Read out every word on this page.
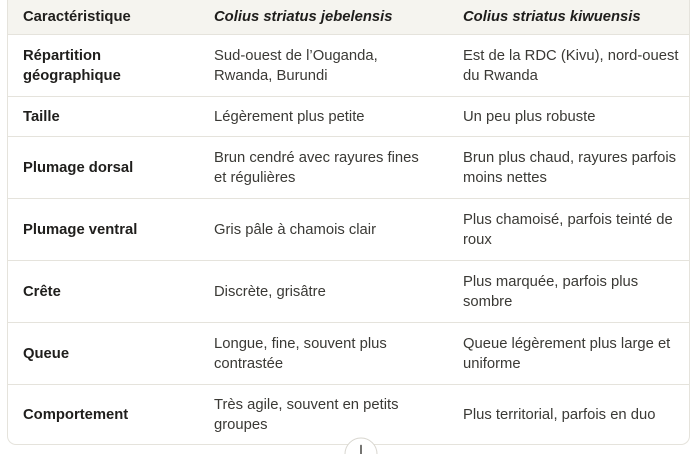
Caractéristique	Colius striatus jebelensis	Colius striatus kiwuensis
Répartition géographique	Sud-ouest de l’Ouganda, Rwanda, Burundi	Est de la RDC (Kivu), nord-ouest du Rwanda
Taille	Légèrement plus petite	Un peu plus robuste
Plumage dorsal	Brun cendré avec rayures fines et régulières	Brun plus chaud, rayures parfois moins nettes
Plumage ventral	Gris pâle à chamois clair	Plus chamoisé, parfois teinté de roux
Crête	Discrète, grisâtre	Plus marquée, parfois plus sombre
Queue	Longue, fine, souvent plus contrastée	Queue légèrement plus large et uniforme
Comportement	Très agile, souvent en petits groupes	Plus territorial, parfois en duo
